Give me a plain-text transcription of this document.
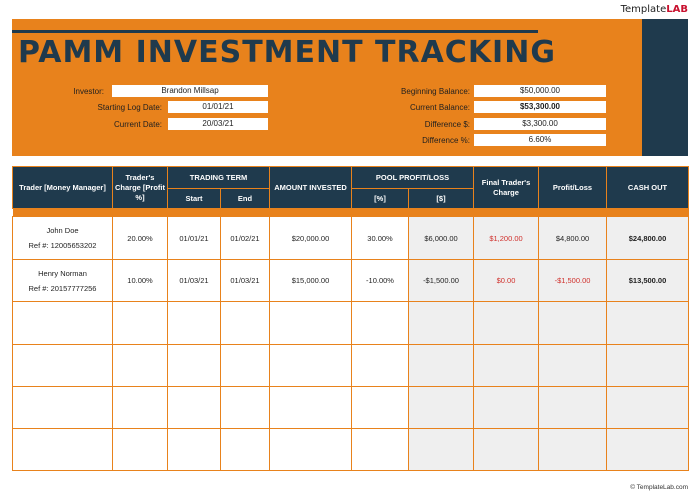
TemplateLAB
PAMM INVESTMENT TRACKING
Investor:	Brandon Millsap
Starting Log Date:	01/01/21
Current Date:	20/03/21
Beginning Balance:	$50,000.00
Current Balance:	$53,300.00
Difference $:	$3,300.00
Difference %:	6.60%
Trader [Money Manager]	Trader's Charge [Profit %]	TRADING TERM		AMOUNT INVESTED	POOL PROFIT/LOSS		Final Trader's Charge	Profit/Loss	CASH OUT
		Start	End		[%]	[$]			

John Doe
Ref #: 12005653202	20.00%	01/01/21	01/02/21	$20,000.00	30.00%	$6,000.00	$1,200.00	$4,800.00	$24,800.00

Henry Norman
Ref #: 20157777256	10.00%	01/03/21	01/03/21	$15,000.00	-10.00%	-$1,500.00	$0.00	-$1,500.00	$13,500.00

© TemplateLab.com
